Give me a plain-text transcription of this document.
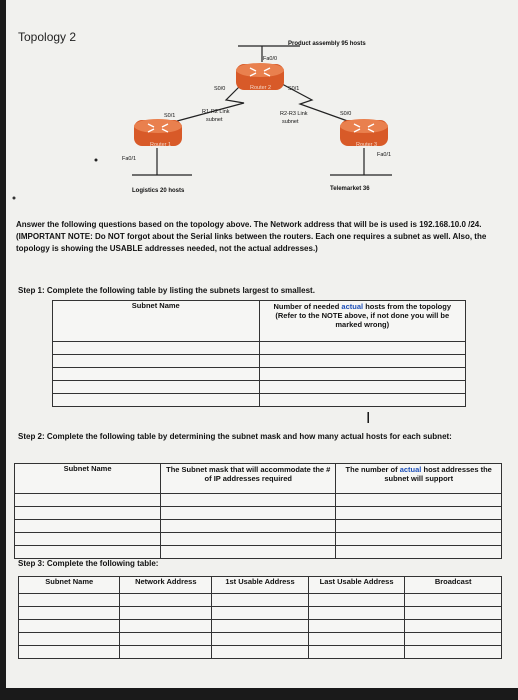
Topology 2	Product assembly 95 hosts
Fa0/0
Router 2
S0/0	S0/1
S0/1	S0/0
R1-R2 Link
subnet
R2-R3 Link
subnet
Router 1	Router 3
Fa0/1
Fa0/1
Logistics 20 hosts	Telemarket 36
Answer the following questions based on the topology above. The Network address that will be is used is 192.168.10.0 /24. (IMPORTANT NOTE: Do NOT forgot about the Serial links between the routers. Each one requires a subnet as well. Also, the topology is showing the USABLE addresses needed, not the actual addresses.)
Step 1: Complete the following table by listing the subnets largest to smallest.
Subnet Name	Number of needed actual hosts from the topology (Refer to the NOTE above, if not done you will be marked wrong)

I
Step 2: Complete the following table by determining the subnet mask and how many actual hosts for each subnet:
Subnet Name	The Subnet mask that will accommodate the # of IP addresses required	The number of actual host addresses the subnet will support

Step 3: Complete the following table:
Subnet Name	Network Address	1st Usable Address	Last Usable Address	Broadcast
